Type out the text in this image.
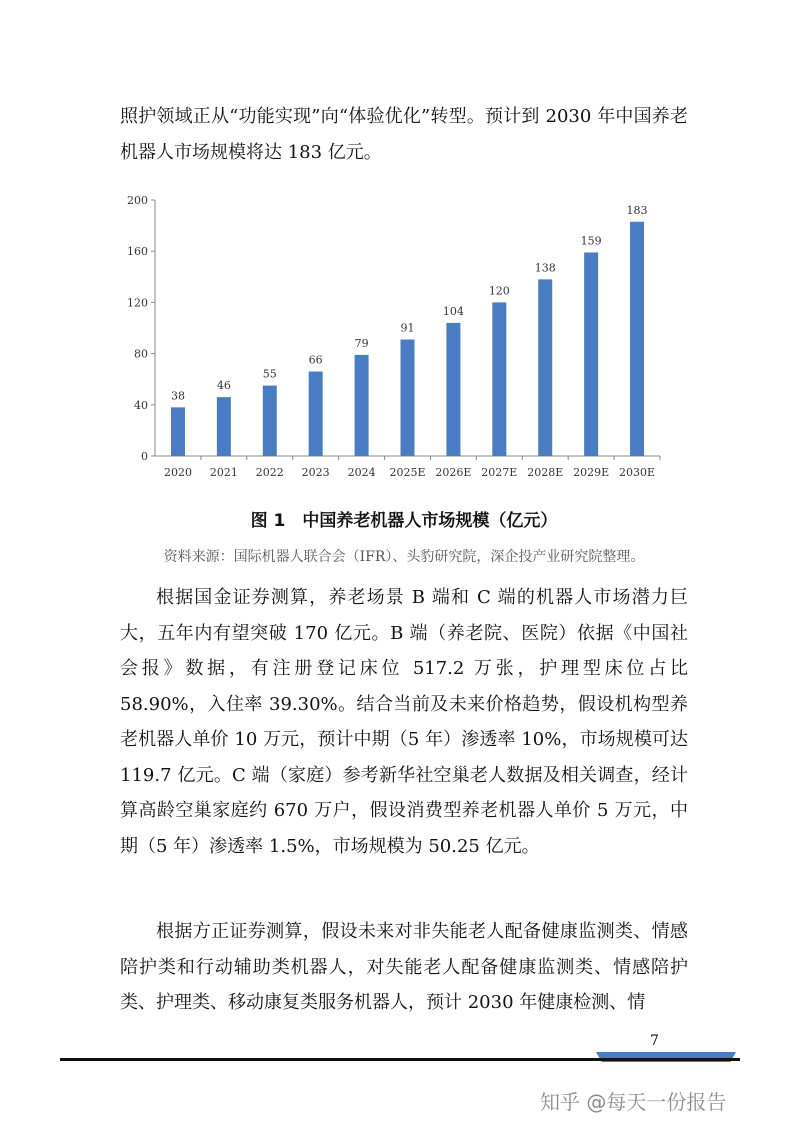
照护领域正从“功能实现”向“体验优化”转型。预计到 2030 年中国养老机器人市场规模将达 183 亿元。

0
40
80
120
160
200
38
2020
46
2021
55
2022
66
2023
79
2024
91
2025E
104
2026E
120
2027E
138
2028E
159
2029E
183
2030E

图 1　中国养老机器人市场规模（亿元）

资料来源：国际机器人联合会（IFR）、头豹研究院，深企投产业研究院整理。

根据国金证券测算，养老场景 B 端和 C 端的机器人市场潜力巨大，五年内有望突破 170 亿元。B 端（养老院、医院）依据《中国社会报》数据，有注册登记床位 517.2 万张，护理型床位占比 58.90%，入住率 39.30%。结合当前及未来价格趋势，假设机构型养老机器人单价 10 万元，预计中期（5 年）渗透率 10%，市场规模可达 119.7 亿元。C 端（家庭）参考新华社空巢老人数据及相关调查，经计算高龄空巢家庭约 670 万户，假设消费型养老机器人单价 5 万元，中期（5 年）渗透率 1.5%，市场规模为 50.25 亿元。

根据方正证券测算，假设未来对非失能老人配备健康监测类、情感陪护类和行动辅助类机器人，对失能老人配备健康监测类、情感陪护类、护理类、移动康复类服务机器人，预计 2030 年健康检测、情

7
知乎 @每天一份报告
